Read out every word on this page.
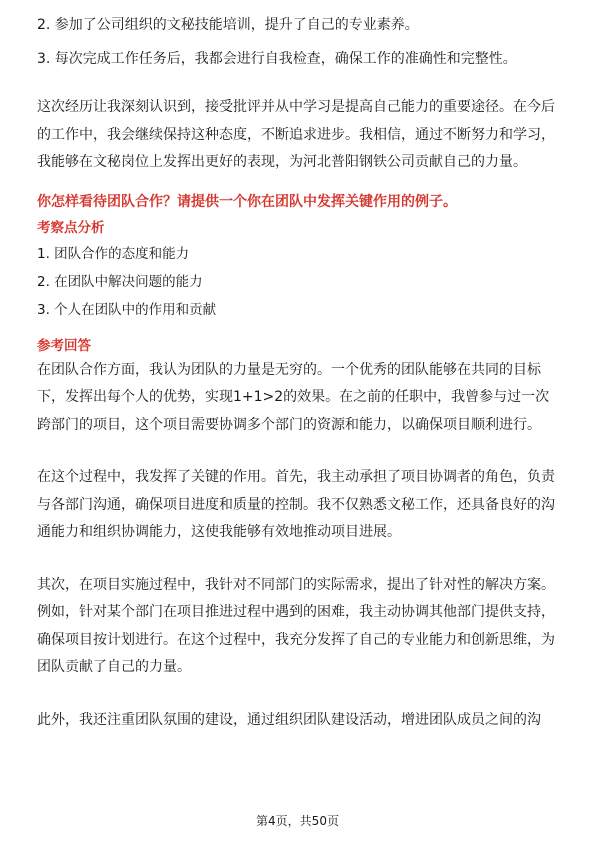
2. 参加了公司组织的文秘技能培训，提升了自己的专业素养。

3. 每次完成工作任务后，我都会进行自我检查，确保工作的准确性和完整性。

这次经历让我深刻认识到，接受批评并从中学习是提高自己能力的重要途径。在今后的工作中，我会继续保持这种态度，不断追求进步。我相信，通过不断努力和学习，我能够在文秘岗位上发挥出更好的表现，为河北普阳钢铁公司贡献自己的力量。

你怎样看待团队合作？请提供一个你在团队中发挥关键作用的例子。

考察点分析

1. 团队合作的态度和能力

2. 在团队中解决问题的能力

3. 个人在团队中的作用和贡献

参考回答

在团队合作方面，我认为团队的力量是无穷的。一个优秀的团队能够在共同的目标下，发挥出每个人的优势，实现1+1>2的效果。在之前的任职中，我曾参与过一次跨部门的项目，这个项目需要协调多个部门的资源和能力，以确保项目顺利进行。

在这个过程中，我发挥了关键的作用。首先，我主动承担了项目协调者的角色，负责与各部门沟通，确保项目进度和质量的控制。我不仅熟悉文秘工作，还具备良好的沟通能力和组织协调能力，这使我能够有效地推动项目进展。

其次，在项目实施过程中，我针对不同部门的实际需求，提出了针对性的解决方案。例如，针对某个部门在项目推进过程中遇到的困难，我主动协调其他部门提供支持，确保项目按计划进行。在这个过程中，我充分发挥了自己的专业能力和创新思维，为团队贡献了自己的力量。

此外，我还注重团队氛围的建设，通过组织团队建设活动，增进团队成员之间的沟

第4页，共50页
